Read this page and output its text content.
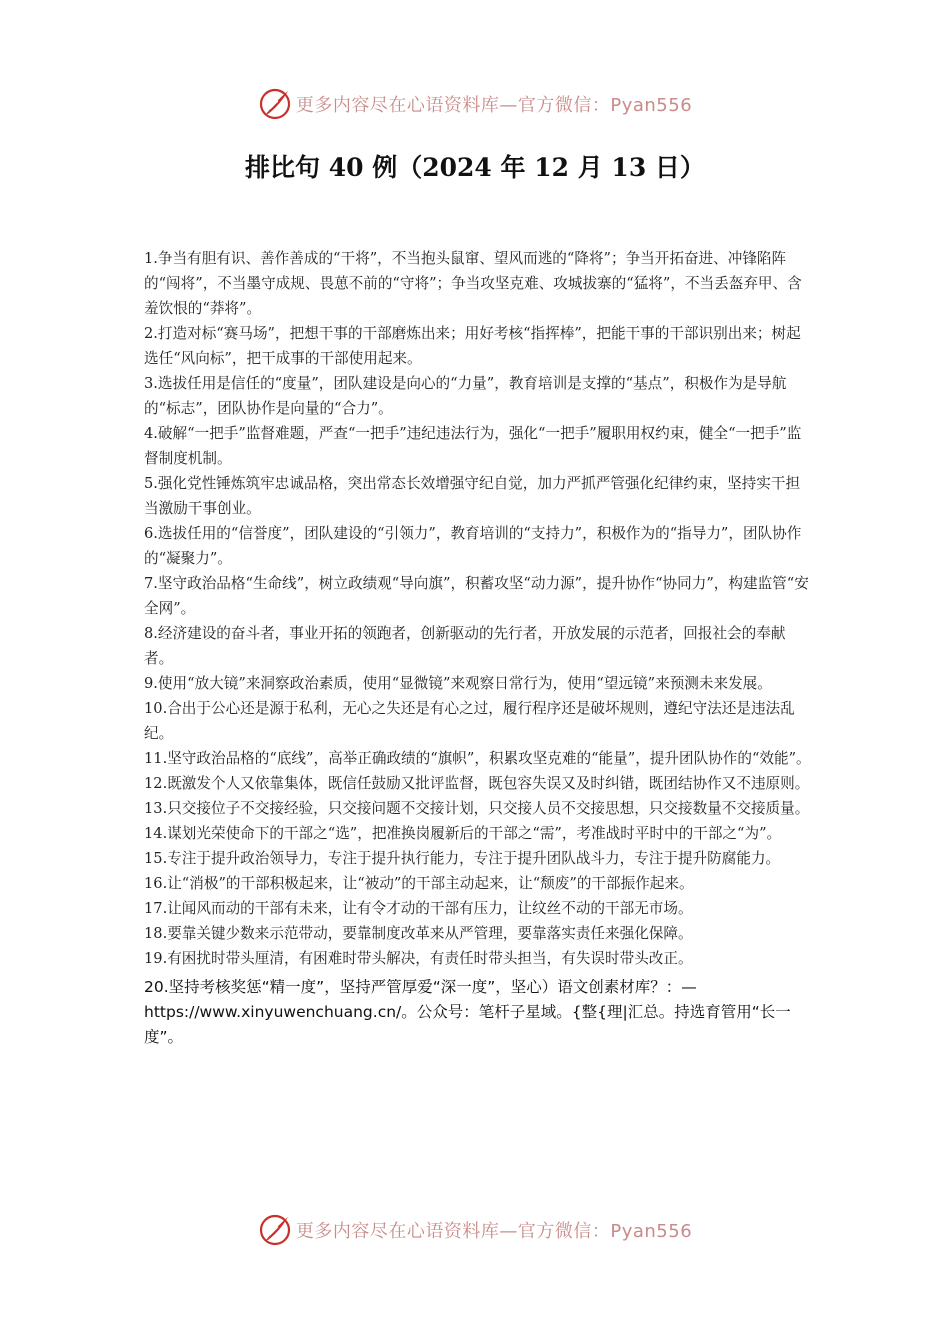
更多内容尽在心语资料库—官方微信：Pyan556
排比句 40 例（2024 年 12 月 13 日）

1.争当有胆有识、善作善成的“干将”，不当抱头鼠窜、望风而逃的“降将”；争当开拓奋进、冲锋陷阵的“闯将”，不当墨守成规、畏葸不前的“守将”；争当攻坚克难、攻城拔寨的“猛将”，不当丢盔弃甲、含羞饮恨的“莽将”。

2.打造对标“赛马场”，把想干事的干部磨炼出来；用好考核“指挥棒”，把能干事的干部识别出来；树起选任“风向标”，把干成事的干部使用起来。

3.选拔任用是信任的“度量”，团队建设是向心的“力量”，教育培训是支撑的“基点”，积极作为是导航的“标志”，团队协作是向量的“合力”。

4.破解“一把手”监督难题，严查“一把手”违纪违法行为，强化“一把手”履职用权约束，健全“一把手”监督制度机制。

5.强化党性锤炼筑牢忠诚品格，突出常态长效增强守纪自觉，加力严抓严管强化纪律约束，坚持实干担当激励干事创业。

6.选拔任用的“信誉度”，团队建设的“引领力”，教育培训的“支持力”，积极作为的“指导力”，团队协作的“凝聚力”。

7.坚守政治品格“生命线”，树立政绩观“导向旗”，积蓄攻坚“动力源”，提升协作“协同力”，构建监管“安全网”。

8.经济建设的奋斗者，事业开拓的领跑者，创新驱动的先行者，开放发展的示范者，回报社会的奉献者。

9.使用“放大镜”来洞察政治素质，使用“显微镜”来观察日常行为，使用“望远镜”来预测未来发展。

10.合出于公心还是源于私利，无心之失还是有心之过，履行程序还是破坏规则，遵纪守法还是违法乱纪。

11.坚守政治品格的“底线”，高举正确政绩的“旗帜”，积累攻坚克难的“能量”，提升团队协作的“效能”。

12.既激发个人又依靠集体，既信任鼓励又批评监督，既包容失误又及时纠错，既团结协作又不违原则。

13.只交接位子不交接经验，只交接问题不交接计划，只交接人员不交接思想，只交接数量不交接质量。

14.谋划光荣使命下的干部之“选”，把准换岗履新后的干部之“需”，考准战时平时中的干部之“为”。

15.专注于提升政治领导力，专注于提升执行能力，专注于提升团队战斗力，专注于提升防腐能力。

16.让“消极”的干部积极起来，让“被动”的干部主动起来，让“颓废”的干部振作起来。

17.让闻风而动的干部有未来，让有令才动的干部有压力，让纹丝不动的干部无市场。

18.要靠关键少数来示范带动，要靠制度改革来从严管理，要靠落实责任来强化保障。

19.有困扰时带头厘清，有困难时带头解决，有责任时带头担当，有失误时带头改正。

20.坚持考核奖惩“精一度”，坚持严管厚爱“深一度”，坚心）语文创素材库？：—https://www.xinyuwenchuang.cn/。公众号：笔杆子星域。{整{理|汇总。持选育管用“长一度”。

更多内容尽在心语资料库—官方微信：Pyan556
